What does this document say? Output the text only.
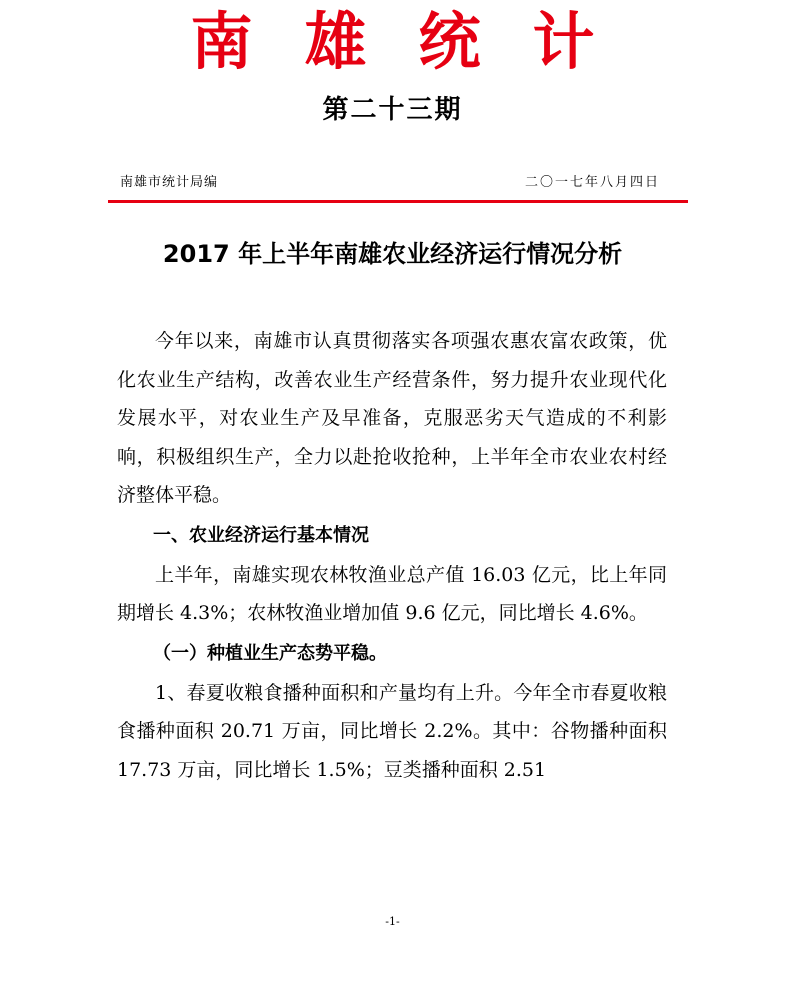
南雄统计
第二十三期
南雄市统计局编	二〇一七年八月四日
2017 年上半年南雄农业经济运行情况分析

今年以来，南雄市认真贯彻落实各项强农惠农富农政策，优化农业生产结构，改善农业生产经营条件，努力提升农业现代化发展水平，对农业生产及早准备，克服恶劣天气造成的不利影响，积极组织生产，全力以赴抢收抢种，上半年全市农业农村经济整体平稳。

一、农业经济运行基本情况

上半年，南雄实现农林牧渔业总产值 16.03 亿元，比上年同期增长 4.3%；农林牧渔业增加值 9.6 亿元，同比增长 4.6%。

（一）种植业生产态势平稳。

1、春夏收粮食播种面积和产量均有上升。今年全市春夏收粮食播种面积 20.71 万亩，同比增长 2.2%。其中：谷物播种面积 17.73 万亩，同比增长 1.5%；豆类播种面积 2.51

-1-
